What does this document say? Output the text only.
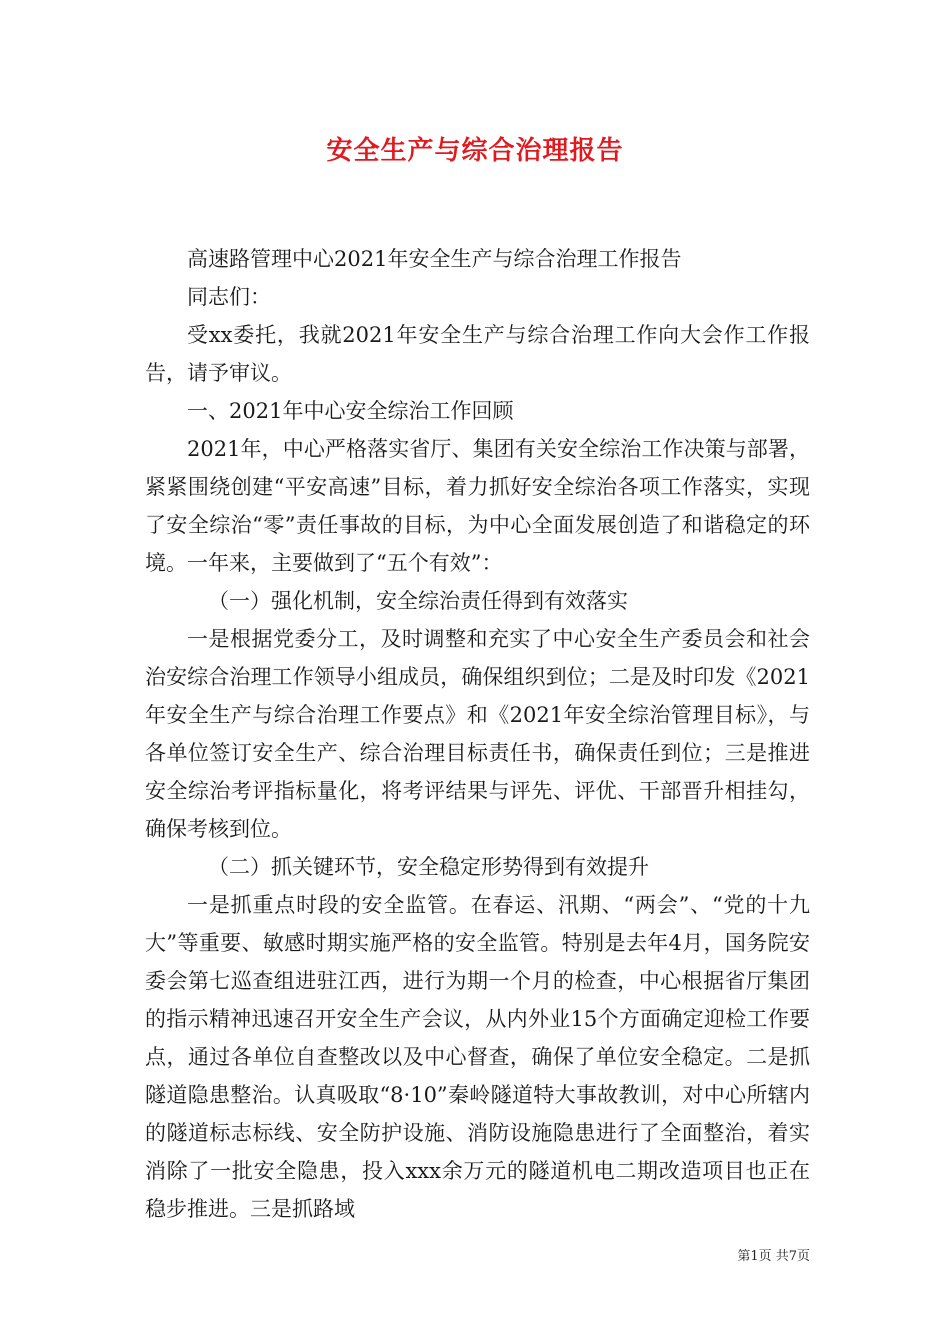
安全生产与综合治理报告

高速路管理中心2021年安全生产与综合治理工作报告

同志们：

受xx委托，我就2021年安全生产与综合治理工作向大会作工作报告，请予审议。

一、2021年中心安全综治工作回顾

2021年，中心严格落实省厅、集团有关安全综治工作决策与部署，紧紧围绕创建“平安高速”目标，着力抓好安全综治各项工作落实，实现了安全综治“零”责任事故的目标，为中心全面发展创造了和谐稳定的环境。一年来，主要做到了“五个有效”：

（一）强化机制，安全综治责任得到有效落实

一是根据党委分工，及时调整和充实了中心安全生产委员会和社会治安综合治理工作领导小组成员，确保组织到位；二是及时印发《2021年安全生产与综合治理工作要点》和《2021年安全综治管理目标》，与各单位签订安全生产、综合治理目标责任书，确保责任到位；三是推进安全综治考评指标量化，将考评结果与评先、评优、干部晋升相挂勾，确保考核到位。

（二）抓关键环节，安全稳定形势得到有效提升

一是抓重点时段的安全监管。在春运、汛期、“两会”、“党的十九大”等重要、敏感时期实施严格的安全监管。特别是去年4月，国务院安委会第七巡查组进驻江西，进行为期一个月的检查，中心根据省厅集团的指示精神迅速召开安全生产会议，从内外业15个方面确定迎检工作要点，通过各单位自查整改以及中心督查，确保了单位安全稳定。二是抓隧道隐患整治。认真吸取“8·10”秦岭隧道特大事故教训，对中心所辖内的隧道标志标线、安全防护设施、消防设施隐患进行了全面整治，着实消除了一批安全隐患，投入xxx余万元的隧道机电二期改造项目也正在稳步推进。三是抓路域

第1页 共7页
